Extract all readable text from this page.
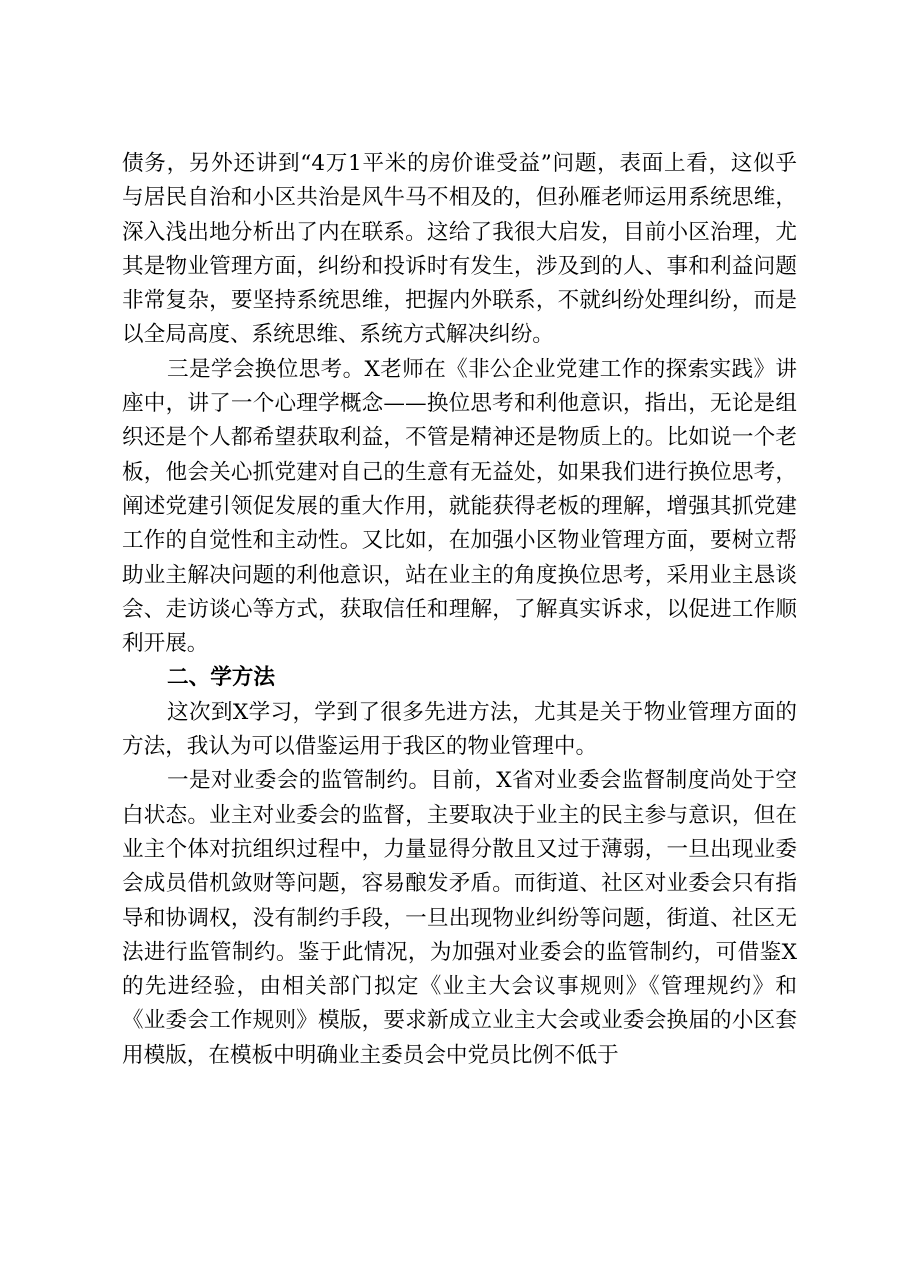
债务，另外还讲到“4万1平米的房价谁受益”问题，表面上看，这似乎与居民自治和小区共治是风牛马不相及的，但孙雁老师运用系统思维，深入浅出地分析出了内在联系。这给了我很大启发，目前小区治理，尤其是物业管理方面，纠纷和投诉时有发生，涉及到的人、事和利益问题非常复杂，要坚持系统思维，把握内外联系，不就纠纷处理纠纷，而是以全局高度、系统思维、系统方式解决纠纷。

三是学会换位思考。X老师在《非公企业党建工作的探索实践》讲座中，讲了一个心理学概念——换位思考和利他意识，指出，无论是组织还是个人都希望获取利益，不管是精神还是物质上的。比如说一个老板，他会关心抓党建对自己的生意有无益处，如果我们进行换位思考，阐述党建引领促发展的重大作用，就能获得老板的理解，增强其抓党建工作的自觉性和主动性。又比如，在加强小区物业管理方面，要树立帮助业主解决问题的利他意识，站在业主的角度换位思考，采用业主恳谈会、走访谈心等方式，获取信任和理解，了解真实诉求，以促进工作顺利开展。

二、学方法

这次到X学习，学到了很多先进方法，尤其是关于物业管理方面的方法，我认为可以借鉴运用于我区的物业管理中。

一是对业委会的监管制约。目前，X省对业委会监督制度尚处于空白状态。业主对业委会的监督，主要取决于业主的民主参与意识，但在业主个体对抗组织过程中，力量显得分散且又过于薄弱，一旦出现业委会成员借机敛财等问题，容易酿发矛盾。而街道、社区对业委会只有指导和协调权，没有制约手段，一旦出现物业纠纷等问题，街道、社区无法进行监管制约。鉴于此情况，为加强对业委会的监管制约，可借鉴X的先进经验，由相关部门拟定《业主大会议事规则》《管理规约》和《业委会工作规则》模版，要求新成立业主大会或业委会换届的小区套用模版，在模板中明确业主委员会中党员比例不低于
